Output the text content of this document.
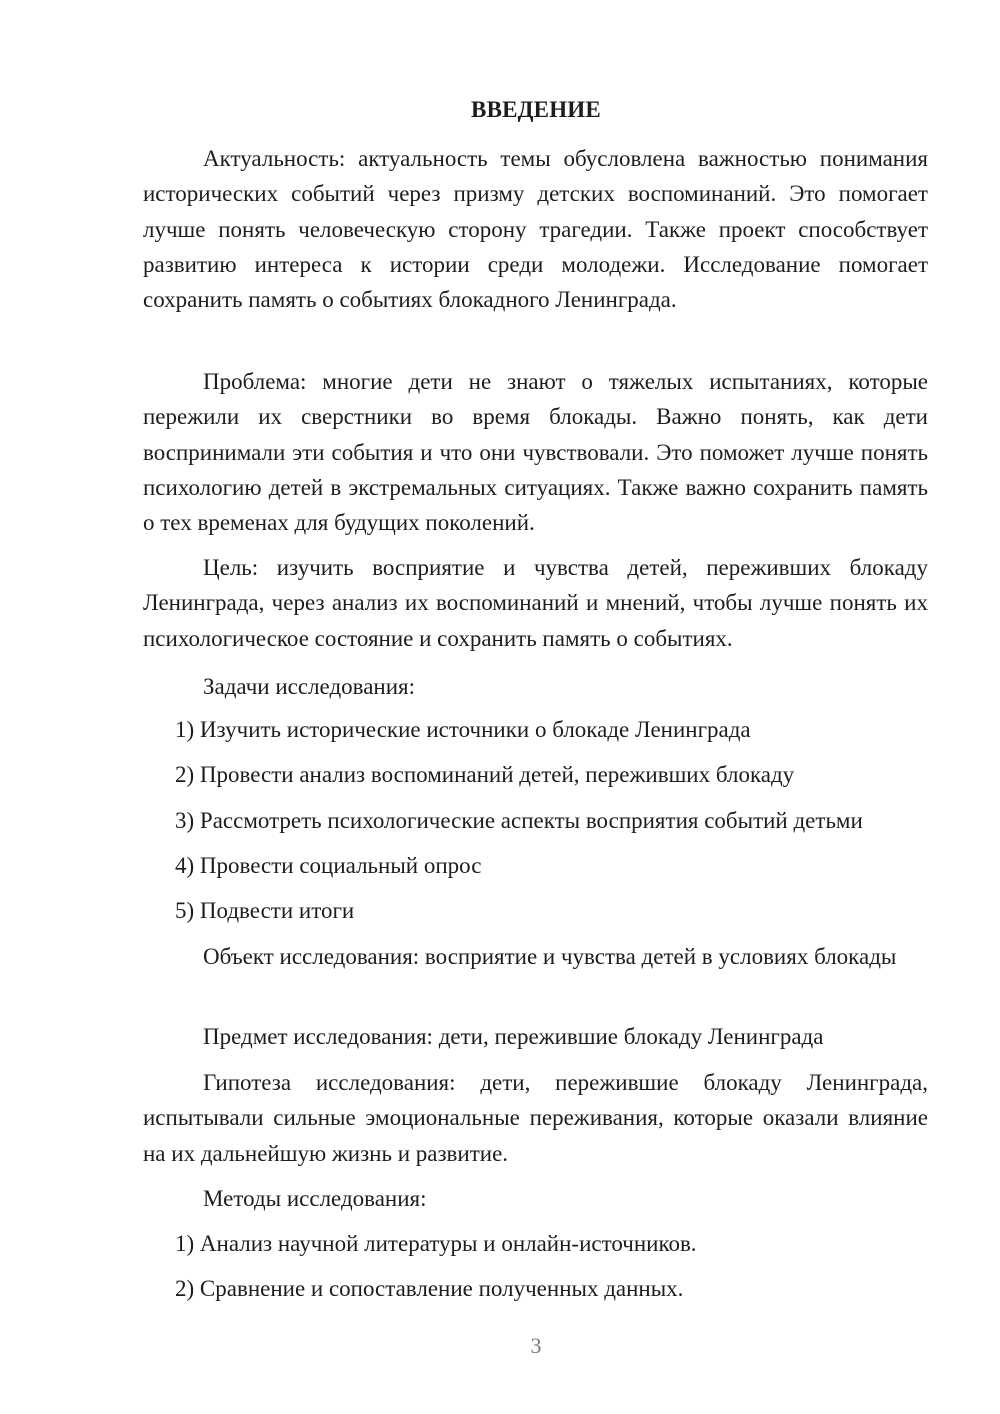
ВВЕДЕНИЕ

Актуальность: актуальность темы обусловлена важностью понимания исторических событий через призму детских воспоминаний. Это помогает лучше понять человеческую сторону трагедии. Также проект способствует развитию интереса к истории среди молодежи. Исследование помогает сохранить память о событиях блокадного Ленинграда.

Проблема: многие дети не знают о тяжелых испытаниях, которые пережили их сверстники во время блокады. Важно понять, как дети воспринимали эти события и что они чувствовали. Это поможет лучше понять психологию детей в экстремальных ситуациях. Также важно сохранить память о тех временах для будущих поколений.

Цель: изучить восприятие и чувства детей, переживших блокаду Ленинграда, через анализ их воспоминаний и мнений, чтобы лучше понять их психологическое состояние и сохранить память о событиях.

Задачи исследования:

1) Изучить исторические источники о блокаде Ленинграда
2) Провести анализ воспоминаний детей, переживших блокаду
3) Рассмотреть психологические аспекты восприятия событий детьми
4) Провести социальный опрос
5) Подвести итоги

Объект исследования: восприятие и чувства детей в условиях блокады

Предмет исследования: дети, пережившие блокаду Ленинграда

Гипотеза исследования: дети, пережившие блокаду Ленинграда, испытывали сильные эмоциональные переживания, которые оказали влияние на их дальнейшую жизнь и развитие.

Методы исследования:

1) Анализ научной литературы и онлайн-источников.
2) Сравнение и сопоставление полученных данных.
3
